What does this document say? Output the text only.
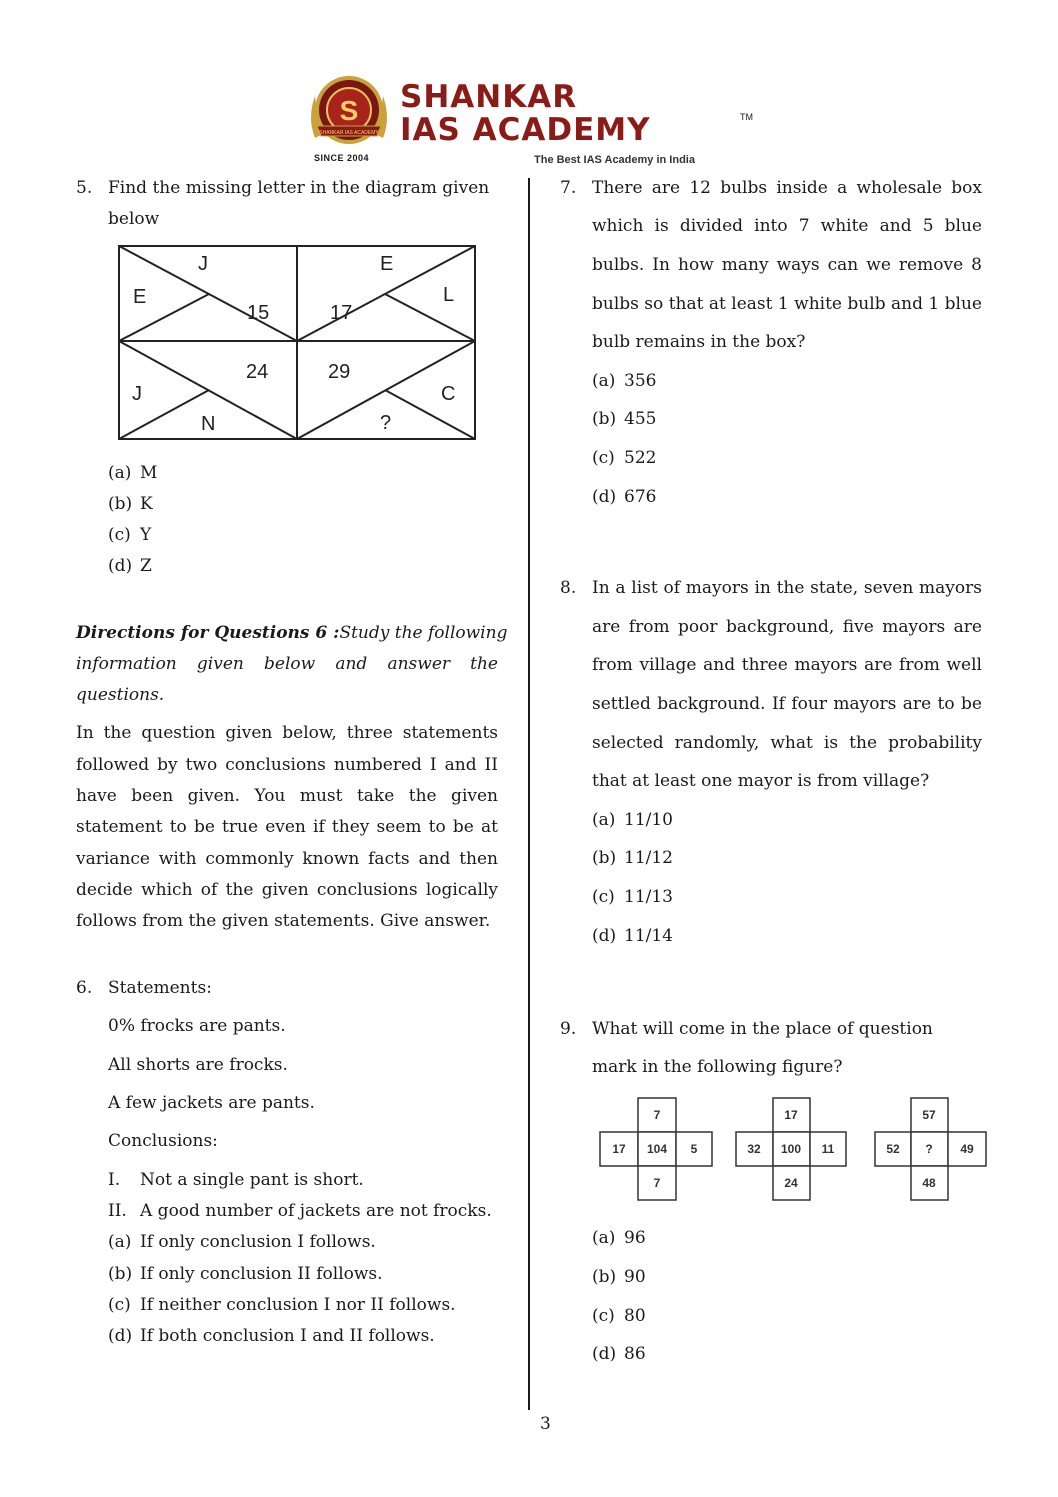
S
SHANKAR IAS ACADEMY
SINCE 2004
SHANKAR
IAS ACADEMY	TM
The Best IAS Academy in India
5. Find the missing letter in the diagram given
below
J
E
15
E
L
17
24
J
N
29
C
?
(a) M
(b) K
(c) Y
(d) Z
Directions for Questions 6 : Study the following
information given below and answer the
questions.
In the question given below, three statements
followed by two conclusions numbered I and II
have been given. You must take the given
statement to be true even if they seem to be at
variance with commonly known facts and then
decide which of the given conclusions logically
follows from the given statements. Give answer.
6. Statements:
0% frocks are pants.
All shorts are frocks.
A few jackets are pants.
Conclusions:
I. Not a single pant is short.
II. A good number of jackets are not frocks.
(a) If only conclusion I follows.
(b) If only conclusion II follows.
(c) If neither conclusion I nor II follows.
(d) If both conclusion I and II follows.
7. There are 12 bulbs inside a wholesale box
which is divided into 7 white and 5 blue
bulbs. In how many ways can we remove 8
bulbs so that at least 1 white bulb and 1 blue
bulb remains in the box?
(a) 356
(b) 455
(c) 522
(d) 676
8. In a list of mayors in the state, seven mayors
are from poor background, five mayors are
from village and three mayors are from well
settled background. If four mayors are to be
selected randomly, what is the probability
that at least one mayor is from village?
(a) 11/10
(b) 11/12
(c) 11/13
(d) 11/14
9. What will come in the place of question
mark in the following figure?
7
17 104 5
7
17
32 100 11
24
57
52 ? 49
48
(a) 96
(b) 90
(c) 80
(d) 86
3
